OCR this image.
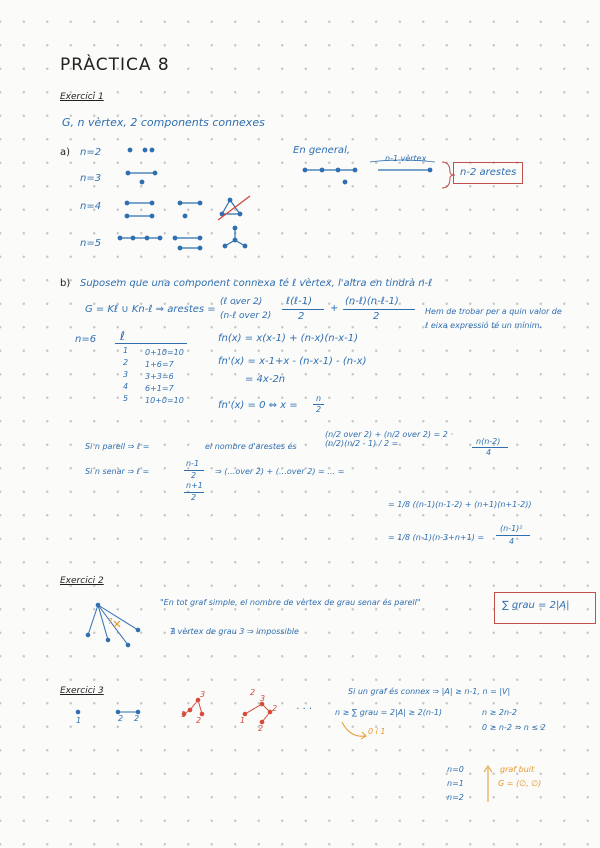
PRÀCTICA 8
Exercici 1
G, n vèrtex, 2 components connexes
a) n=2
n=3
n=4
n=5
En general,
n-1 vèrtex
n-2 arestes
b) Suposem que una component connexa té ℓ vèrtex, l'altra en tindrà n-ℓ
G = Kℓ ∪ Kn-ℓ ⇒ arestes =
(ℓ over 2)
(n-ℓ over 2)
ℓ(ℓ-1)
2
+
(n-ℓ)(n-ℓ-1)
2	Hem de trobar per a quin valor de ℓ eixa expressió té un mínim.
n=6 ℓ
1 0+10=10
2 1+6=7
3 3+3=6
4 6+1=7
5 10+0=10
fn(x) = x(x-1) + (n-x)(n-x-1)
fn'(x) = x-1+x - (n-x-1) - (n-x)
= 4x-2n
fn'(x) = 0 ⇔ x =
n
2
Si n parell ⇒ ℓ =	el nombre d'arestes és
(n/2 over 2) + (n/2 over 2) = 2 · (n/2)(n/2 - 1) / 2 =	n(n-2)
4
Si n senar ⇒ ℓ =
n-1
2
n+1
2
⇒ (…over 2) + (…over 2) = … =
= 1/8 ((n-1)(n-1-2) + (n+1)(n+1-2))
= 1/8 (n-1)(n-3+n+1) =
(n-1)²
4
Exercici 2
?
"En tot graf simple, el nombre de vèrtex de grau senar és parell"	∑ grau = 2|A|
∄ vèrtex de grau 3 ⇒ impossible
Exercici 3
1	2 2
3
1
2
3
2
1
2
2
· · ·
Si un graf és connex ⇒ |A| ≥ n-1, n = |V|
n ≥ ∑ grau = 2|A| ≥ 2(n-1)	n ≥ 2n-2
0 ≥ n-2 ⇒ n ≤ 2
0 i 1
n=0
n=1
n=2
graf buit
G = (∅, ∅)
